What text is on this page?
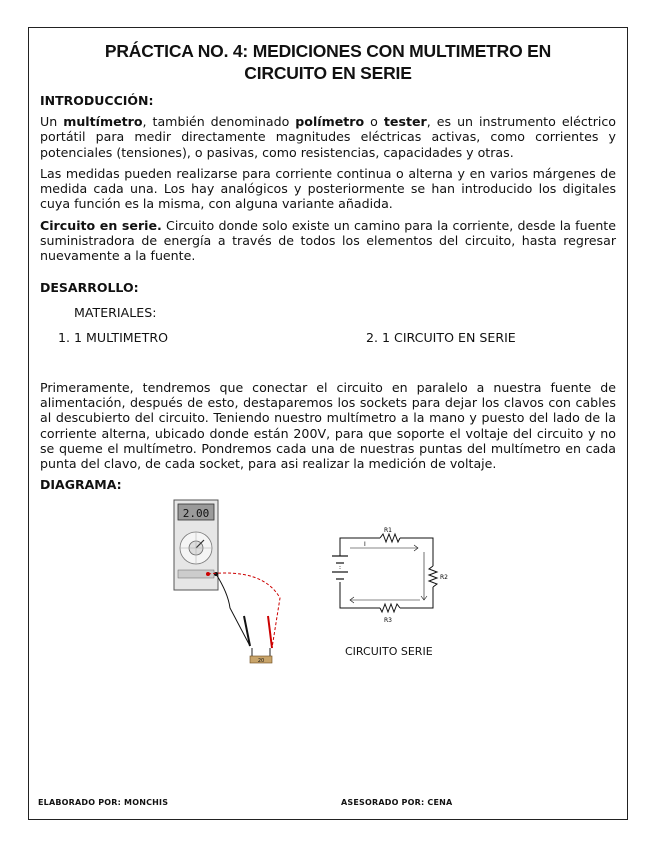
PRÁCTICA NO. 4: MEDICIONES CON MULTIMETRO EN
CIRCUITO EN SERIE
INTRODUCCIÓN:

Un multímetro, también denominado polímetro o tester, es un instrumento eléctrico portátil para medir directamente magnitudes eléctricas activas, como corrientes y potenciales (tensiones), o pasivas, como resistencias, capacidades y otras.

Las medidas pueden realizarse para corriente continua o alterna y en varios márgenes de medida cada una. Los hay analógicos y posteriormente se han introducido los digitales cuya función es la misma, con alguna variante añadida.

Circuito en serie. Circuito donde solo existe un camino para la corriente, desde la fuente suministradora de energía a través de todos los elementos del circuito, hasta regresar nuevamente a la fuente.

DESARROLLO:
MATERIALES:
1. 1 MULTIMETRO	2. 1 CIRCUITO EN SERIE

Primeramente, tendremos que conectar el circuito en paralelo a nuestra fuente de alimentación, después de esto, destaparemos los sockets para dejar los clavos con cables al descubierto del circuito. Teniendo nuestro multímetro a la mano y puesto del lado de la corriente alterna, ubicado donde están 200V, para que soporte el voltaje del circuito y no se queme el multímetro. Pondremos cada una de nuestras puntas del multímetro en cada punta del clavo, de cada socket, para asi realizar la medición de voltaje.

DIAGRAMA:
2.00
20
R1
R2
R3
I
CIRCUITO SERIE
ELABORADO POR: MONCHIS	ASESORADO POR: CENA
